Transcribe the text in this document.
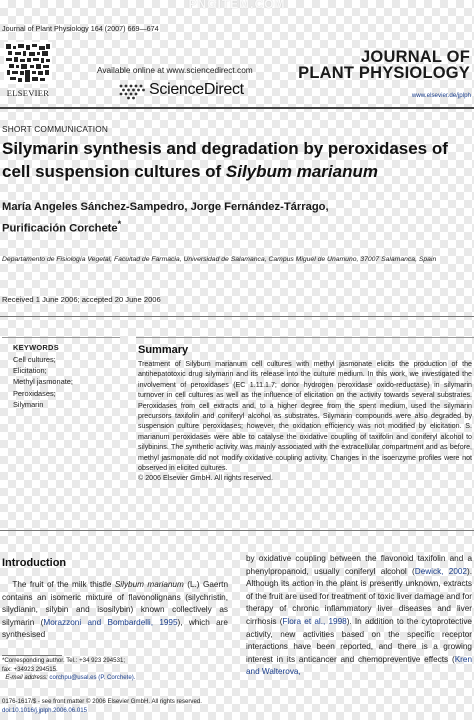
PNGITEM.COM
Journal of Plant Physiology 164 (2007) 669—674
ELSEVIER
Available online at www.sciencedirect.com
ScienceDirect
JOURNAL OF
PLANT PHYSIOLOGY
www.elsevier.de/jplph
SHORT COMMUNICATION
Silymarin synthesis and degradation by peroxidases of cell suspension cultures of Silybum marianum
María Angeles Sánchez-Sampedro, Jorge Fernández-Tárrago,
Purificación Corchete*
Departamento de Fisiología Vegetal, Facultad de Farmacia, Universidad de Salamanca, Campus Miguel de Unamuno, 37007 Salamanca, Spain
Received 1 June 2006; accepted 20 June 2006
KEYWORDS
Cell cultures;
Elicitation;
Methyl jasmonate;
Peroxidases;
Silymarin
Summary
Treatment of Silybum marianum cell cultures with methyl jasmonate elicits the production of the antihepatotoxic drug silymarin and its release into the culture medium. In this work, we investigated the involvement of peroxidases (EC 1.11.1.7; donor hydrogen peroxidase oxido-reductase) in silymarin turnover in cell cultures as well as the influence of elicitation on the activity towards several substrates. Peroxidases from cell extracts and, to a higher degree from the spent medium, used the silymarin precursors taxifolin and coniferyl alcohol as substrates. Silymarin compounds were also degraded by suspension culture peroxidases; however, the oxidation efficiency was not modified by elicitation. S. marianum peroxidases were able to catalyse the oxidative coupling of taxifolin and coniferyl alcohol to silybinins. The synthetic activity was mainly associated with the extracellular compartment and as before, methyl jasmonate did not modify oxidative coupling activity. Changes in the isoenzyme profiles were not observed in elicited cultures.
© 2006 Elsevier GmbH. All rights reserved.
Introduction
The fruit of the milk thistle Silybum marianum (L.) Gaertn contains an isomeric mixture of flavonolignans (silychristin, silydianin, silybin and isosilybin) known collectively as silymarin (Morazzoni and Bombardelli, 1995), which are synthesised
by oxidative coupling between the flavonoid taxifolin and a phenylpropanoid, usually coniferyl alcohol (Dewick, 2002). Although its action in the plant is presently unknown, extracts of the fruit are used for treatment of toxic liver damage and for therapy of chronic inflammatory liver diseases and liver cirrhosis (Flora et al., 1998). In addition to the cytoprotective activity, new activities based on the specific receptor interactions have been reported, and there is a growing interest in its anticancer and chemopreventive effects (Kren and Walterova,
*Corresponding author. Tel.: +34 923 294531;
fax: +34923 294515.
E-mail address: corchpu@usal.es (P. Corchete).
0176-1617/$ - see front matter © 2006 Elsevier GmbH. All rights reserved.
doi:10.1016/j.jplph.2006.06.015
